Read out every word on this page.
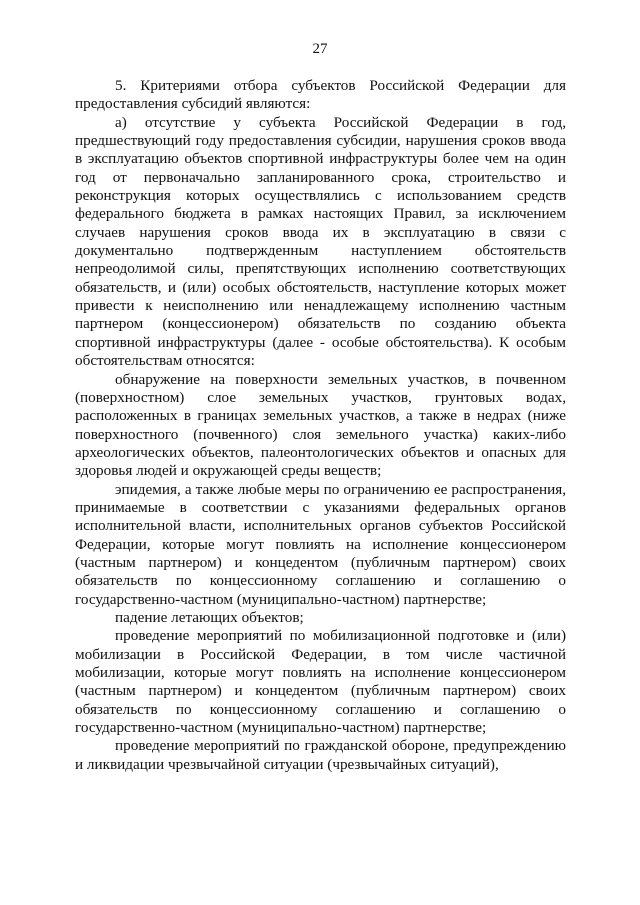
27

5. Критериями отбора субъектов Российской Федерации для предоставления субсидий являются:

а) отсутствие у субъекта Российской Федерации в год, предшествующий году предоставления субсидии, нарушения сроков ввода в эксплуатацию объектов спортивной инфраструктуры более чем на один год от первоначально запланированного срока, строительство и реконструкция которых осуществлялись с использованием средств федерального бюджета в рамках настоящих Правил, за исключением случаев нарушения сроков ввода их в эксплуатацию в связи с документально подтвержденным наступлением обстоятельств непреодолимой силы, препятствующих исполнению соответствующих обязательств, и (или) особых обстоятельств, наступление которых может привести к неисполнению или ненадлежащему исполнению частным партнером (концессионером) обязательств по созданию объекта спортивной инфраструктуры (далее - особые обстоятельства). К особым обстоятельствам относятся:

обнаружение на поверхности земельных участков, в почвенном (поверхностном) слое земельных участков, грунтовых водах, расположенных в границах земельных участков, а также в недрах (ниже поверхностного (почвенного) слоя земельного участка) каких-либо археологических объектов, палеонтологических объектов и опасных для здоровья людей и окружающей среды веществ;

эпидемия, а также любые меры по ограничению ее распространения, принимаемые в соответствии с указаниями федеральных органов исполнительной власти, исполнительных органов субъектов Российской Федерации, которые могут повлиять на исполнение концессионером (частным партнером) и концедентом (публичным партнером) своих обязательств по концессионному соглашению и соглашению о государственно-частном (муниципально-частном) партнерстве;

падение летающих объектов;

проведение мероприятий по мобилизационной подготовке и (или) мобилизации в Российской Федерации, в том числе частичной мобилизации, которые могут повлиять на исполнение концессионером (частным партнером) и концедентом (публичным партнером) своих обязательств по концессионному соглашению и соглашению о государственно-частном (муниципально-частном) партнерстве;

проведение мероприятий по гражданской обороне, предупреждению и ликвидации чрезвычайной ситуации (чрезвычайных ситуаций),
